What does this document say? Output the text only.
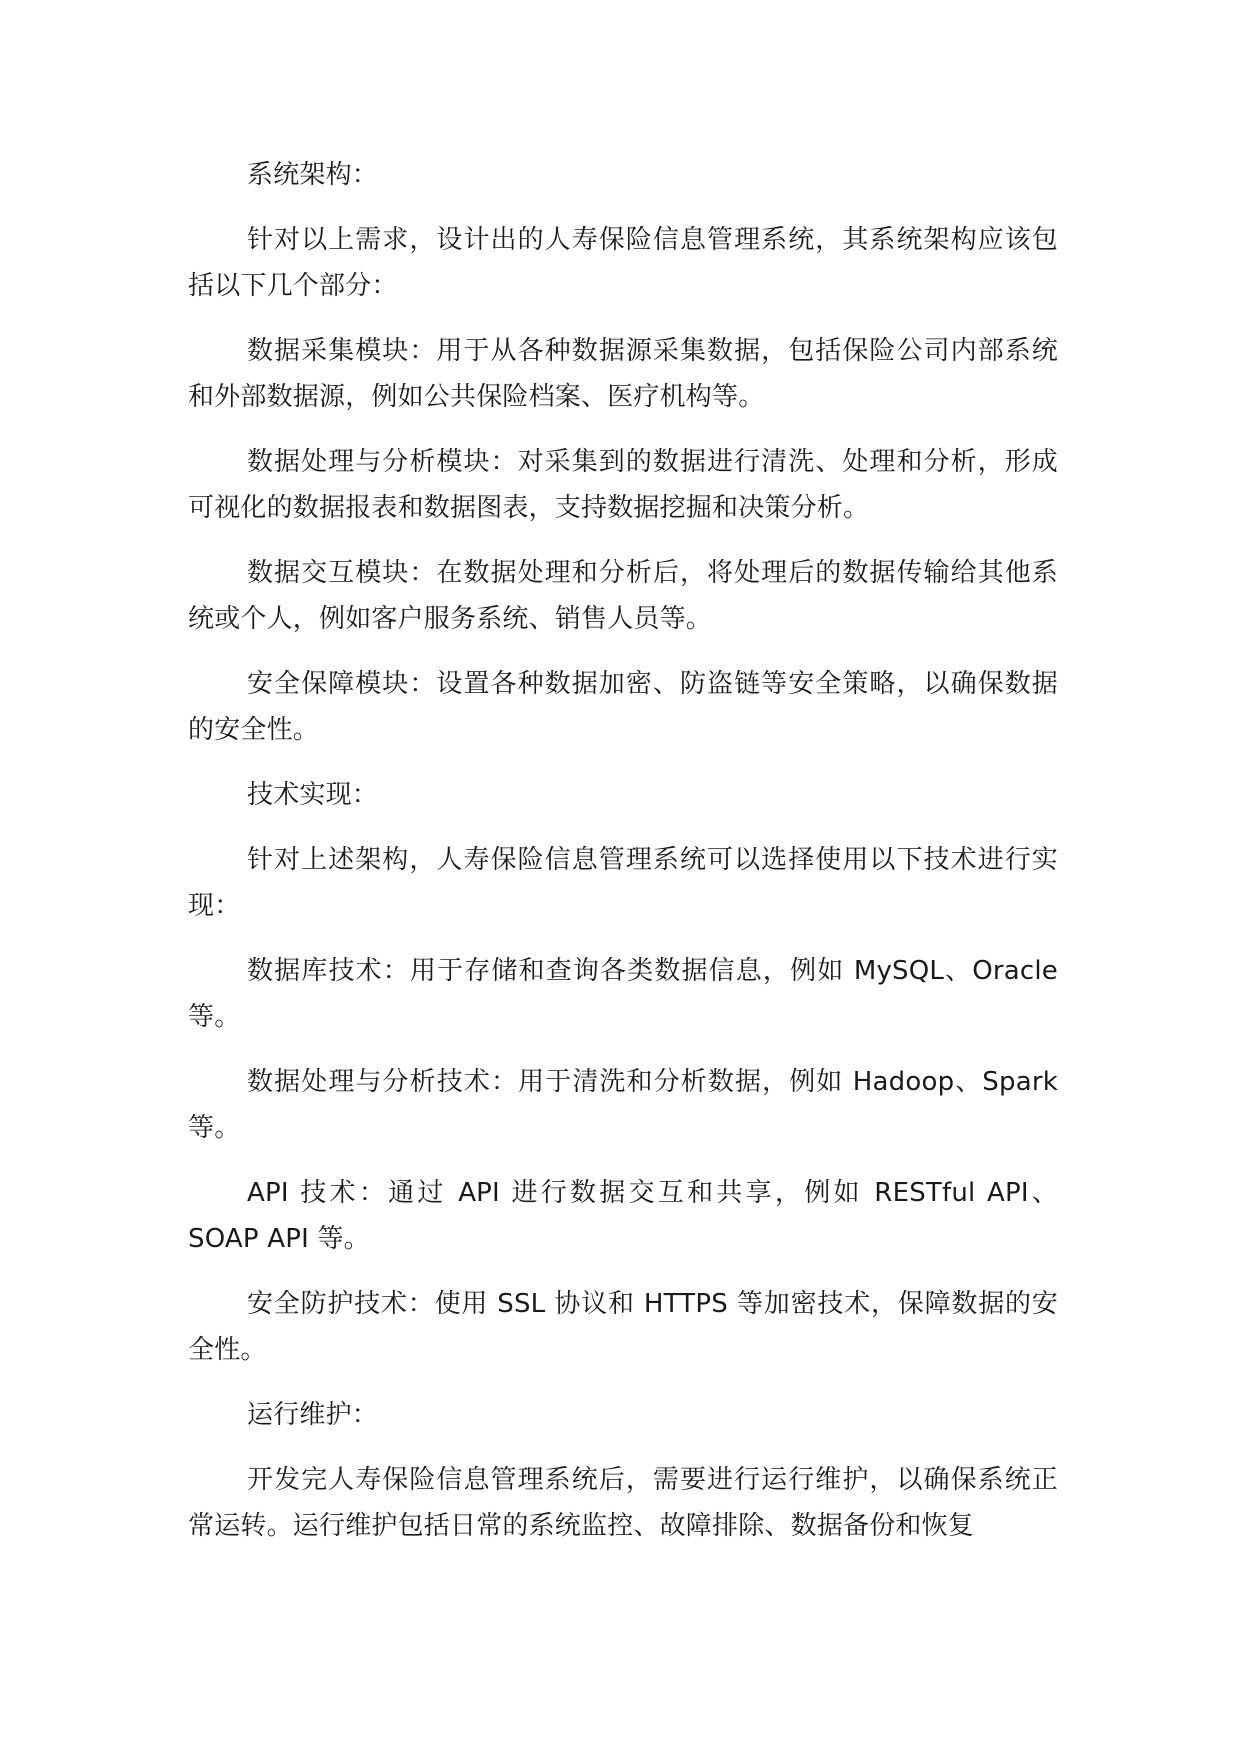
系统架构：

针对以上需求，设计出的人寿保险信息管理系统，其系统架构应该包括以下几个部分：

数据采集模块：用于从各种数据源采集数据，包括保险公司内部系统和外部数据源，例如公共保险档案、医疗机构等。

数据处理与分析模块：对采集到的数据进行清洗、处理和分析，形成可视化的数据报表和数据图表，支持数据挖掘和决策分析。

数据交互模块：在数据处理和分析后，将处理后的数据传输给其他系统或个人，例如客户服务系统、销售人员等。

安全保障模块：设置各种数据加密、防盗链等安全策略，以确保数据的安全性。

技术实现：

针对上述架构，人寿保险信息管理系统可以选择使用以下技术进行实现：

数据库技术：用于存储和查询各类数据信息，例如 MySQL、Oracle 等。

数据处理与分析技术：用于清洗和分析数据，例如 Hadoop、Spark 等。

API 技术：通过 API 进行数据交互和共享，例如 RESTful API、SOAP API 等。

安全防护技术：使用 SSL 协议和 HTTPS 等加密技术，保障数据的安全性。

运行维护：

开发完人寿保险信息管理系统后，需要进行运行维护，以确保系统正常运转。运行维护包括日常的系统监控、故障排除、数据备份和恢复
